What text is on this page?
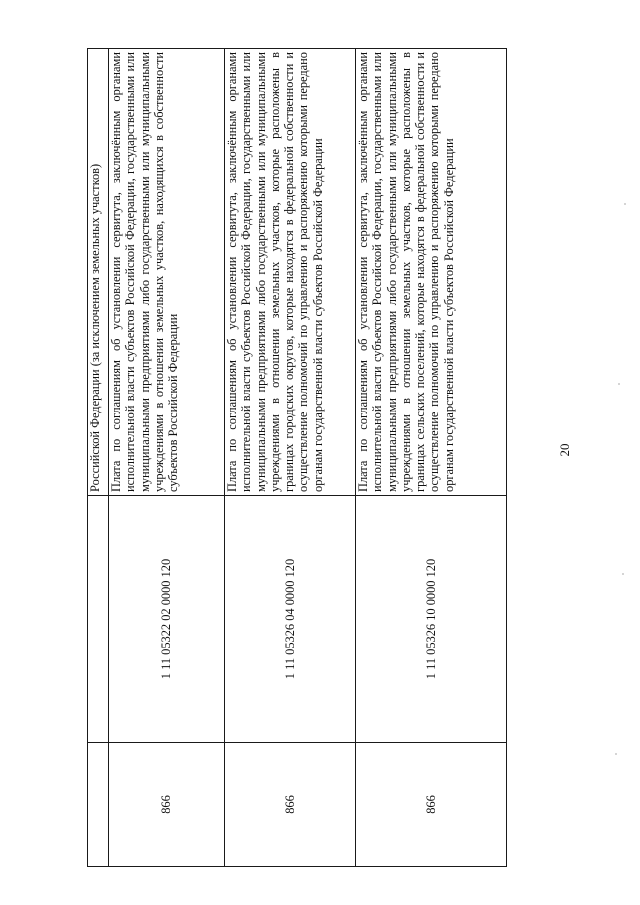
20
		Российской Федерации (за исключением земельных участков)
866	1 11 05322 02 0000 120	Плата по соглашениям об установлении сервитута, заключённым органами исполнительной власти субъектов Российской Федерации, государственными или муниципальными предприятиями либо государственными или муниципальными учреждениями в отношении земельных участков, находящихся в собственности субъектов Российской Федерации
866	1 11 05326 04 0000 120	Плата по соглашениям об установлении сервитута, заключённым органами исполнительной власти субъектов Российской Федерации, государственными или муниципальными предприятиями либо государственными или муниципальными учреждениями в отношении земельных участков, которые расположены в границах городских округов, которые находятся в федеральной собственности и осуществление полномочий по управлению и распоряжению которыми передано органам государственной власти субъектов Российской Федерации
866	1 11 05326 10 0000 120	Плата по соглашениям об установлении сервитута, заключённым органами исполнительной власти субъектов Российской Федерации, государственными или муниципальными предприятиями либо государственными или муниципальными учреждениями в отношении земельных участков, которые расположены в границах сельских поселений, которые находятся в федеральной собственности и осуществление полномочий по управлению и распоряжению которыми передано органам государственной власти субъектов Российской Федерации
